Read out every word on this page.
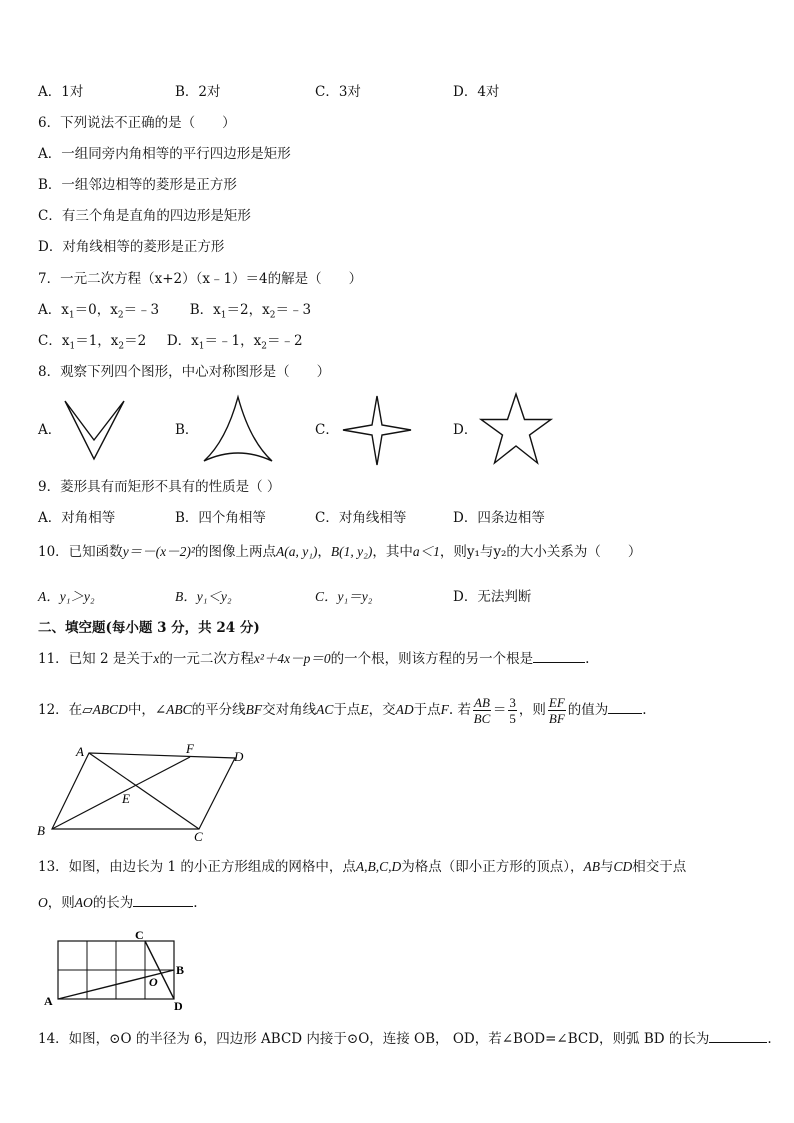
A．1对	B．2对	C．3对	D．4对
6．下列说法不正确的是（　　）
A．一组同旁内角相等的平行四边形是矩形
B．一组邻边相等的菱形是正方形
C．有三个角是直角的四边形是矩形
D．对角线相等的菱形是正方形
7．一元二次方程（x+2）（x﹣1）＝4的解是（　　）
A．$x_1=0$，$x_2=﹣3$ B．$x_1=2$，$x_2=﹣3$
C．$x_1=1$，$x_2=2$ D．$x_1=﹣1$，$x_2=﹣2$
8．观察下列四个图形，中心对称图形是（　　）
A．	B．	C．	D．
9．菱形具有而矩形不具有的性质是（ ）
A．对角相等	B．四个角相等	C．对角线相等	D．四条边相等
10．已知函数y＝－(x－2)²的图像上两点A(a, y₁)，B(1, y₂)，其中a＜1，则y₁与y₂的大小关系为（　　）
A．y₁＞y₂	B．y₁＜y₂	C．y₁＝y₂	D．无法判断
二、填空题(每小题 3 分，共 24 分)
11．已知 2 是关于x的一元二次方程x²＋4x－p＝0的一个根，则该方程的另一个根是	.
12．在▱ABCD中，∠ABC的平分线BF交对角线AC于点E，交AD于点F. 若 $\frac{AB}{BC} = \frac{3}{5}$ ，则 $\frac{EF}{BF}$ 的值为	.
A	F
D
E
B	C
13．如图，由边长为 1 的小正方形组成的网格中，点A,B,C,D为格点（即小正方形的顶点），AB与CD相交于点
O，则AO的长为	.
C
B
O
A	D
14．如图，⊙O 的半径为 6，四边形 ABCD 内接于⊙O，连接 OB， OD，若∠BOD=∠BCD，则弧 BD 的长为	.
